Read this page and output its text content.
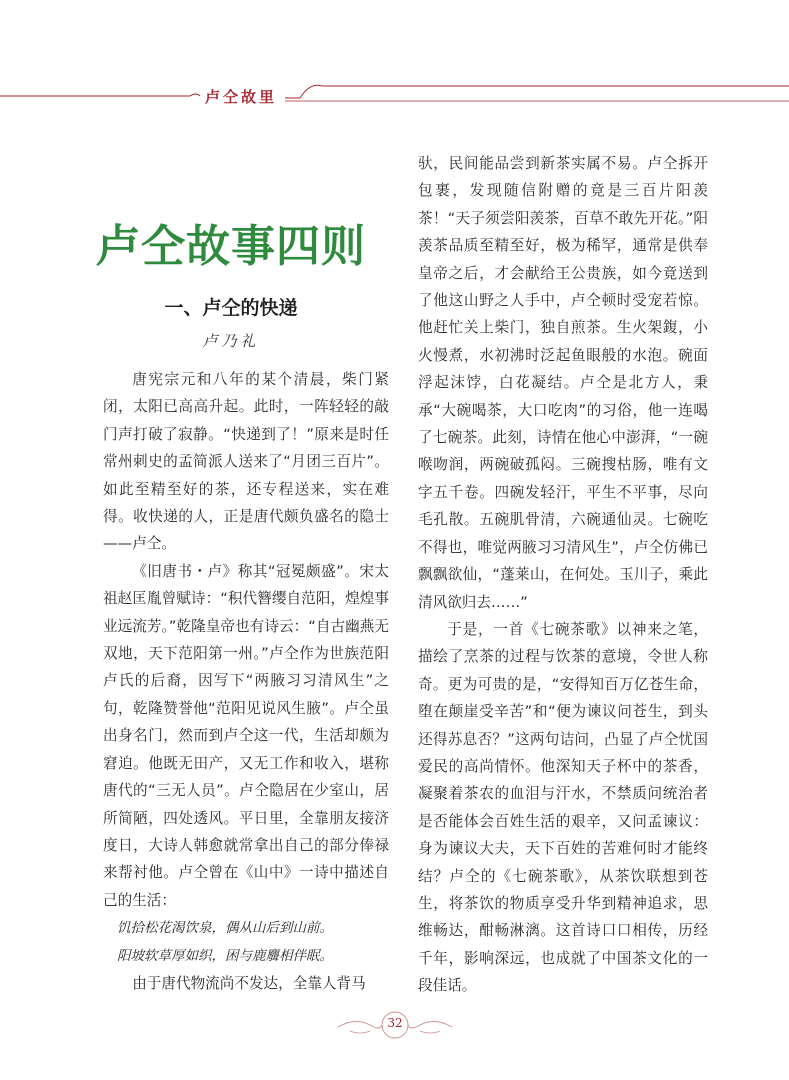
卢仝故里
卢仝故事四则
一、卢仝的快递
卢乃礼

唐宪宗元和八年的某个清晨，柴门紧闭，太阳已高高升起。此时，一阵轻轻的敲门声打破了寂静。“快递到了！”原来是时任常州刺史的孟简派人送来了“月团三百片”。如此至精至好的茶，还专程送来，实在难得。收快递的人，正是唐代颇负盛名的隐士——卢仝。

《旧唐书・卢》称其“冠冕颇盛”。宋太祖赵匡胤曾赋诗：“积代簪缨自范阳，煌煌事业远流芳。”乾隆皇帝也有诗云：“自古幽燕无双地，天下范阳第一州。”卢仝作为世族范阳卢氏的后裔，因写下“两腋习习清风生”之句，乾隆赞誉他“范阳见说风生腋”。卢仝虽出身名门，然而到卢仝这一代，生活却颇为窘迫。他既无田产，又无工作和收入，堪称唐代的“三无人员”。卢仝隐居在少室山，居所简陋，四处透风。平日里，全靠朋友接济度日，大诗人韩愈就常拿出自己的部分俸禄来帮衬他。卢仝曾在《山中》一诗中描述自己的生活：

饥拾松花渴饮泉，偶从山后到山前。

阳坡软草厚如织，困与鹿麛相伴眠。

由于唐代物流尚不发达，全靠人背马

驮，民间能品尝到新茶实属不易。卢仝拆开包裹，发现随信附赠的竟是三百片阳羡茶！“天子须尝阳羡茶，百草不敢先开花。”阳羡茶品质至精至好，极为稀罕，通常是供奉皇帝之后，才会献给王公贵族，如今竟送到了他这山野之人手中，卢仝顿时受宠若惊。他赶忙关上柴门，独自煎茶。生火架鍑，小火慢煮，水初沸时泛起鱼眼般的水泡。碗面浮起沫饽，白花凝结。卢仝是北方人，秉承“大碗喝茶，大口吃肉”的习俗，他一连喝了七碗茶。此刻，诗情在他心中澎湃，“一碗喉吻润，两碗破孤闷。三碗搜枯肠，唯有文字五千卷。四碗发轻汗，平生不平事，尽向毛孔散。五碗肌骨清，六碗通仙灵。七碗吃不得也，唯觉两腋习习清风生”，卢仝仿佛已飘飘欲仙，“蓬莱山，在何处。玉川子，乘此清风欲归去……”

于是，一首《七碗茶歌》以神来之笔，描绘了烹茶的过程与饮茶的意境，令世人称奇。更为可贵的是，“安得知百万亿苍生命，堕在颠崖受辛苦”和“便为谏议问苍生，到头还得苏息否？”这两句诘问，凸显了卢仝忧国爱民的高尚情怀。他深知天子杯中的茶香，凝聚着茶农的血泪与汗水，不禁质问统治者是否能体会百姓生活的艰辛，又问孟谏议：身为谏议大夫，天下百姓的苦难何时才能终结？卢仝的《七碗茶歌》，从茶饮联想到苍生，将茶饮的物质享受升华到精神追求，思维畅达，酣畅淋漓。这首诗口口相传，历经千年，影响深远，也成就了中国茶文化的一段佳话。

32
